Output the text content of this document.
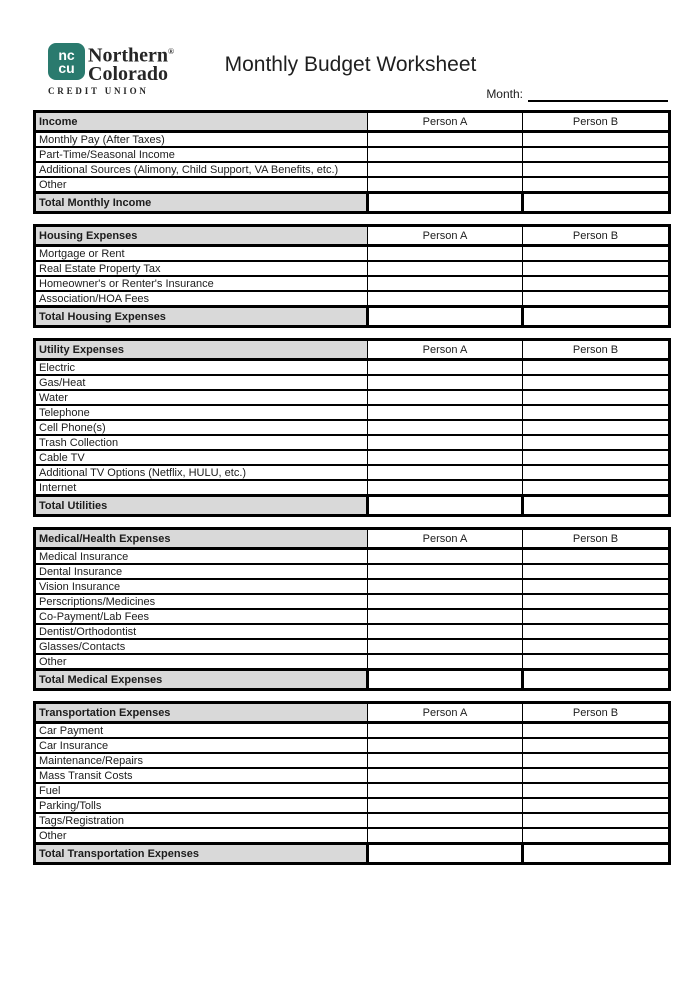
nc
cu
Northern®
Colorado
CREDIT UNION
Monthly Budget Worksheet
Month:
Income	Person A	Person B
Monthly Pay (After Taxes)		
Part-Time/Seasonal Income		
Additional Sources (Alimony, Child Support, VA Benefits, etc.)		
Other		
Total Monthly Income		
Housing Expenses	Person A	Person B
Mortgage or Rent		
Real Estate Property Tax		
Homeowner's or Renter's Insurance		
Association/HOA Fees		
Total Housing Expenses		
Utility Expenses	Person A	Person B
Electric		
Gas/Heat		
Water		
Telephone		
Cell Phone(s)		
Trash Collection		
Cable TV		
Additional TV Options (Netflix, HULU, etc.)		
Internet		
Total Utilities		
Medical/Health Expenses	Person A	Person B
Medical Insurance		
Dental Insurance		
Vision Insurance		
Perscriptions/Medicines		
Co-Payment/Lab Fees		
Dentist/Orthodontist		
Glasses/Contacts		
Other		
Total Medical Expenses		
Transportation Expenses	Person A	Person B
Car Payment		
Car Insurance		
Maintenance/Repairs		
Mass Transit Costs		
Fuel		
Parking/Tolls		
Tags/Registration		
Other		
Total Transportation Expenses		
